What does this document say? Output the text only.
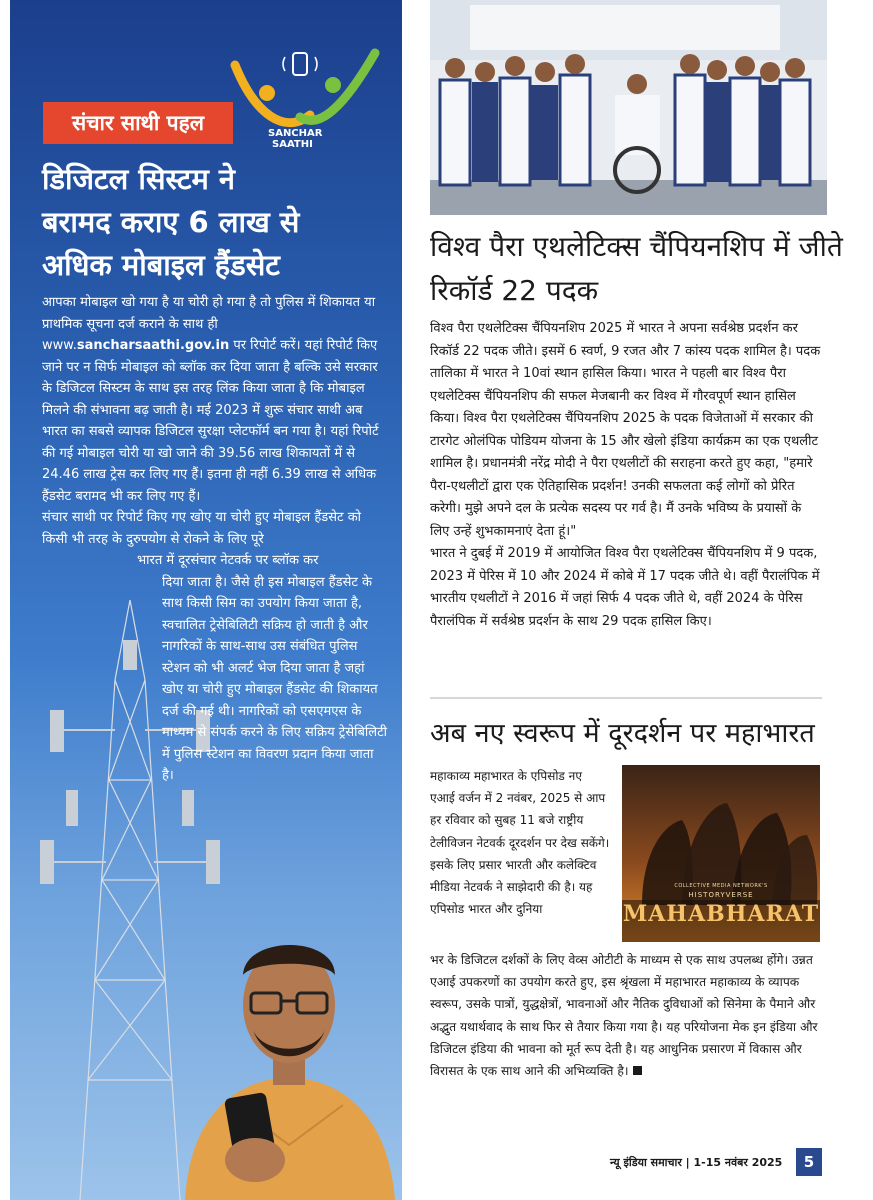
SANCHAR
SAATHI
संचार साथी पहल
डिजिटल सिस्टम ने
बरामद कराए 6 लाख से
अधिक मोबाइल हैंडसेट

आपका मोबाइल खो गया है या चोरी हो गया है तो पुलिस में शिकायत या प्राथमिक सूचना दर्ज कराने के साथ ही www.sancharsaathi.gov.in पर रिपोर्ट करें। यहां रिपोर्ट किए जाने पर न सिर्फ मोबाइल को ब्लॉक कर दिया जाता है बल्कि उसे सरकार के डिजिटल सिस्टम के साथ इस तरह लिंक किया जाता है कि मोबाइल मिलने की संभावना बढ़ जाती है। मई 2023 में शुरू संचार साथी अब भारत का सबसे व्यापक डिजिटल सुरक्षा प्लेटफॉर्म बन गया है। यहां रिपोर्ट की गई मोबाइल चोरी या खो जाने की 39.56 लाख शिकायतों में से 24.46 लाख ट्रेस कर लिए गए हैं। इतना ही नहीं 6.39 लाख से अधिक हैंडसेट बरामद भी कर लिए गए हैं।

संचार साथी पर रिपोर्ट किए गए खोए या चोरी हुए मोबाइल हैंडसेट को किसी भी तरह के दुरुपयोग से रोकने के लिए पूरे

भारत में दूरसंचार नेटवर्क पर ब्लॉक कर

दिया जाता है। जैसे ही इस मोबाइल हैंडसेट के साथ किसी सिम का उपयोग किया जाता है, स्वचालित ट्रेसेबिलिटी सक्रिय हो जाती है और नागरिकों के साथ-साथ उस संबंधित पुलिस स्टेशन को भी अलर्ट भेज दिया जाता है जहां खोए या चोरी हुए मोबाइल हैंडसेट की शिकायत दर्ज की गई थी। नागरिकों को एसएमएस के माध्यम से संपर्क करने के लिए सक्रिय ट्रेसेबिलिटी में पुलिस स्टेशन का विवरण प्रदान किया जाता है।

विश्व पैरा एथलेटिक्स चैंपियनशिप में जीते रिकॉर्ड 22 पदक

विश्व पैरा एथलेटिक्स चैंपियनशिप 2025 में भारत ने अपना सर्वश्रेष्ठ प्रदर्शन कर रिकॉर्ड 22 पदक जीते। इसमें 6 स्वर्ण, 9 रजत और 7 कांस्य पदक शामिल है। पदक तालिका में भारत ने 10वां स्थान हासिल किया। भारत ने पहली बार विश्व पैरा एथलेटिक्स चैंपियनशिप की सफल मेजबानी कर विश्व में गौरवपूर्ण स्थान हासिल किया। विश्व पैरा एथलेटिक्स चैंपियनशिप 2025 के पदक विजेताओं में सरकार की टारगेट ओलंपिक पोडियम योजना के 15 और खेलो इंडिया कार्यक्रम का एक एथलीट शामिल है। प्रधानमंत्री नरेंद्र मोदी ने पैरा एथलीटों की सराहना करते हुए कहा, "हमारे पैरा-एथलीटों द्वारा एक ऐतिहासिक प्रदर्शन! उनकी सफलता कई लोगों को प्रेरित करेगी। मुझे अपने दल के प्रत्येक सदस्य पर गर्व है। मैं उनके भविष्य के प्रयासों के लिए उन्हें शुभकामनाएं देता हूं।"

भारत ने दुबई में 2019 में आयोजित विश्व पैरा एथलेटिक्स चैंपियनशिप में 9 पदक, 2023 में पेरिस में 10 और 2024 में कोबे में 17 पदक जीते थे। वहीं पैरालंपिक में भारतीय एथलीटों ने 2016 में जहां सिर्फ 4 पदक जीते थे, वहीं 2024 के पेरिस पैरालंपिक में सर्वश्रेष्ठ प्रदर्शन के साथ 29 पदक हासिल किए।

अब नए स्वरूप में दूरदर्शन पर महाभारत

महाकाव्य महाभारत के एपिसोड नए एआई वर्जन में 2 नवंबर, 2025 से आप हर रविवार को सुबह 11 बजे राष्ट्रीय टेलीविजन नेटवर्क दूरदर्शन पर देख सकेंगे। इसके लिए प्रसार भारती और कलेक्टिव मीडिया नेटवर्क ने साझेदारी की है। यह एपिसोड भारत और दुनिया

COLLECTIVE MEDIA NETWORK'S
HISTORYVERSE
MAHABHARAT

भर के डिजिटल दर्शकों के लिए वेव्स ओटीटी के माध्यम से एक साथ उपलब्ध होंगे। उन्नत एआई उपकरणों का उपयोग करते हुए, इस श्रृंखला में महाभारत महाकाव्य के व्यापक स्वरूप, उसके पात्रों, युद्धक्षेत्रों, भावनाओं और नैतिक दुविधाओं को सिनेमा के पैमाने और अद्भुत यथार्थवाद के साथ फिर से तैयार किया गया है। यह परियोजना मेक इन इंडिया और डिजिटल इंडिया की भावना को मूर्त रूप देती है। यह आधुनिक प्रसारण में विकास और विरासत के एक साथ आने की अभिव्यक्ति है।

न्यू इंडिया समाचार | 1-15 नवंबर 2025	5
